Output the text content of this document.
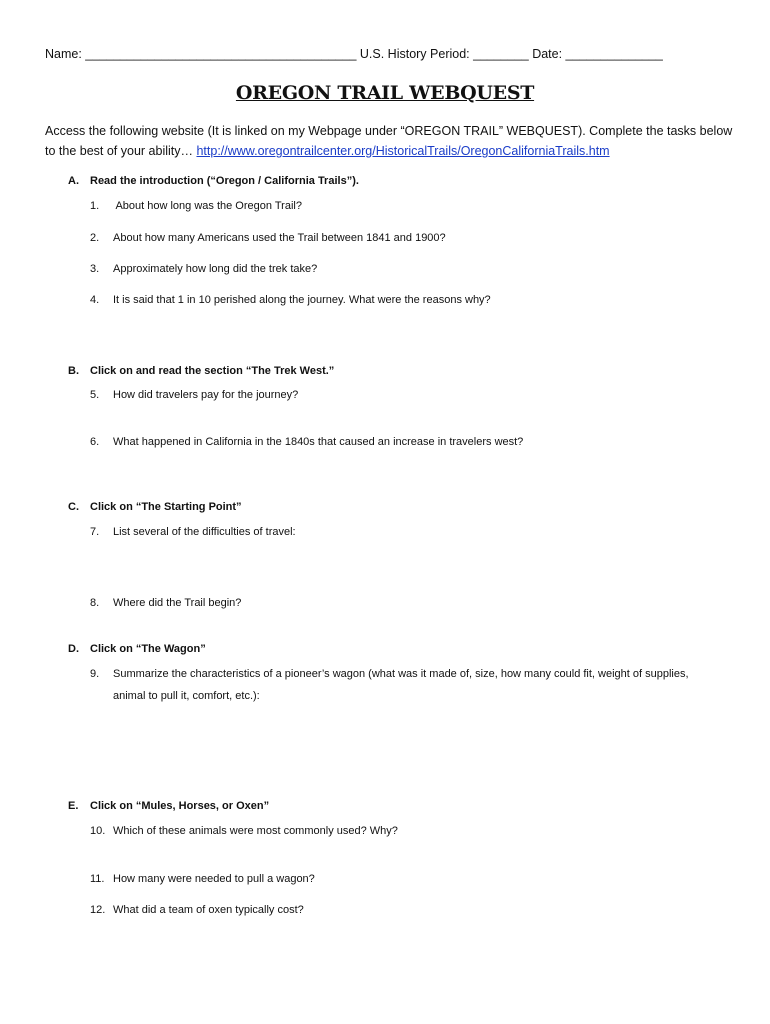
Name: _______________________________________ U.S. History Period: ________ Date: ______________
OREGON TRAIL WEBQUEST
Access the following website (It is linked on my Webpage under “OREGON TRAIL” WEBQUEST). Complete the tasks below to the best of your ability… http://www.oregontrailcenter.org/HistoricalTrails/OregonCaliforniaTrails.htm
A. Read the introduction (“Oregon / California Trails”).
1. About how long was the Oregon Trail?
2. About how many Americans used the Trail between 1841 and 1900?
3. Approximately how long did the trek take?
4. It is said that 1 in 10 perished along the journey. What were the reasons why?
B. Click on and read the section “The Trek West.”
5. How did travelers pay for the journey?
6. What happened in California in the 1840s that caused an increase in travelers west?
C. Click on “The Starting Point”
7. List several of the difficulties of travel:
8. Where did the Trail begin?
D. Click on “The Wagon”
9. Summarize the characteristics of a pioneer’s wagon (what was it made of, size, how many could fit, weight of supplies,
animal to pull it, comfort, etc.):
E. Click on “Mules, Horses, or Oxen”
10. Which of these animals were most commonly used? Why?
11. How many were needed to pull a wagon?
12. What did a team of oxen typically cost?
